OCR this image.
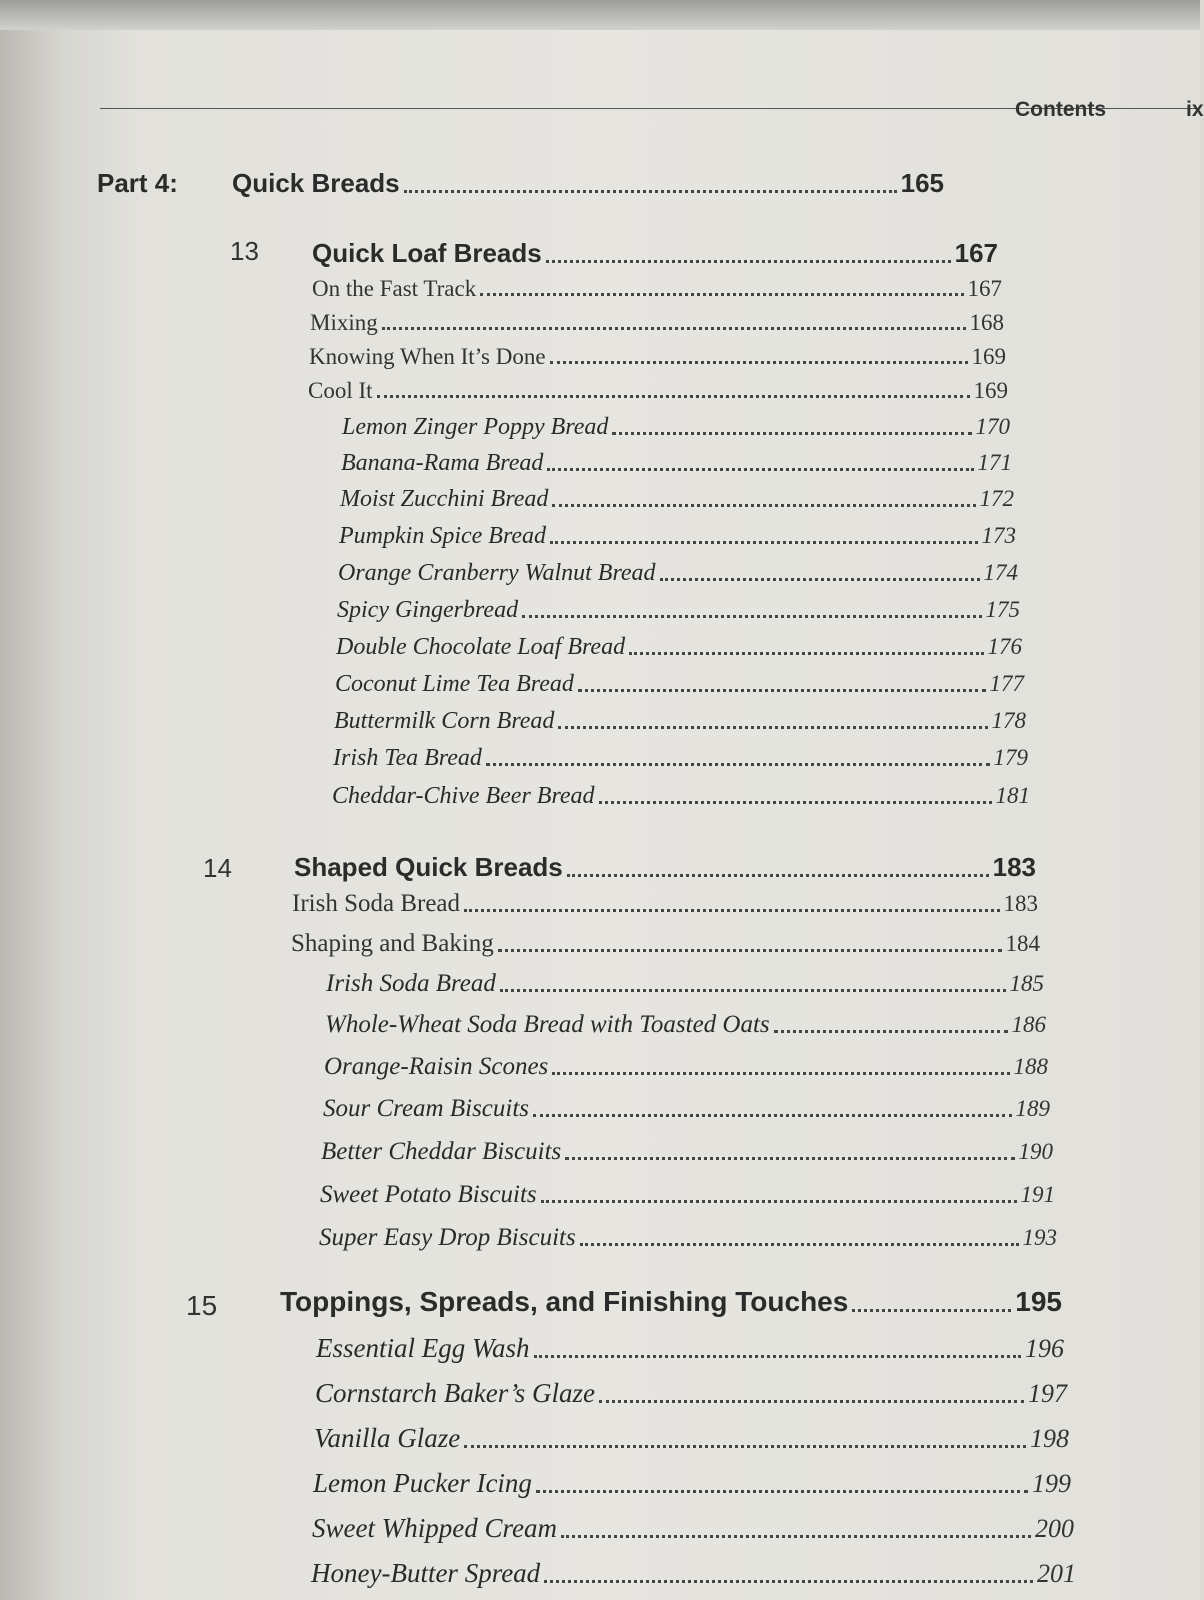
Contents	ix
Part 4: Quick Breads	165
13 Quick Loaf Breads	167
On the Fast Track	167
Mixing	168
Knowing When It’s Done	169
Cool It	169
Lemon Zinger Poppy Bread	170
Banana-Rama Bread	171
Moist Zucchini Bread	172
Pumpkin Spice Bread	173
Orange Cranberry Walnut Bread	174
Spicy Gingerbread	175
Double Chocolate Loaf Bread	176
Coconut Lime Tea Bread	177
Buttermilk Corn Bread	178
Irish Tea Bread	179
Cheddar-Chive Beer Bread	181
14 Shaped Quick Breads	183
Irish Soda Bread	183
Shaping and Baking	184
Irish Soda Bread	185
Whole-Wheat Soda Bread with Toasted Oats	186
Orange-Raisin Scones	188
Sour Cream Biscuits	189
Better Cheddar Biscuits	190
Sweet Potato Biscuits	191
Super Easy Drop Biscuits	193
15 Toppings, Spreads, and Finishing Touches	195
Essential Egg Wash	196
Cornstarch Baker’s Glaze	197
Vanilla Glaze	198
Lemon Pucker Icing	199
Sweet Whipped Cream	200
Honey-Butter Spread	201
